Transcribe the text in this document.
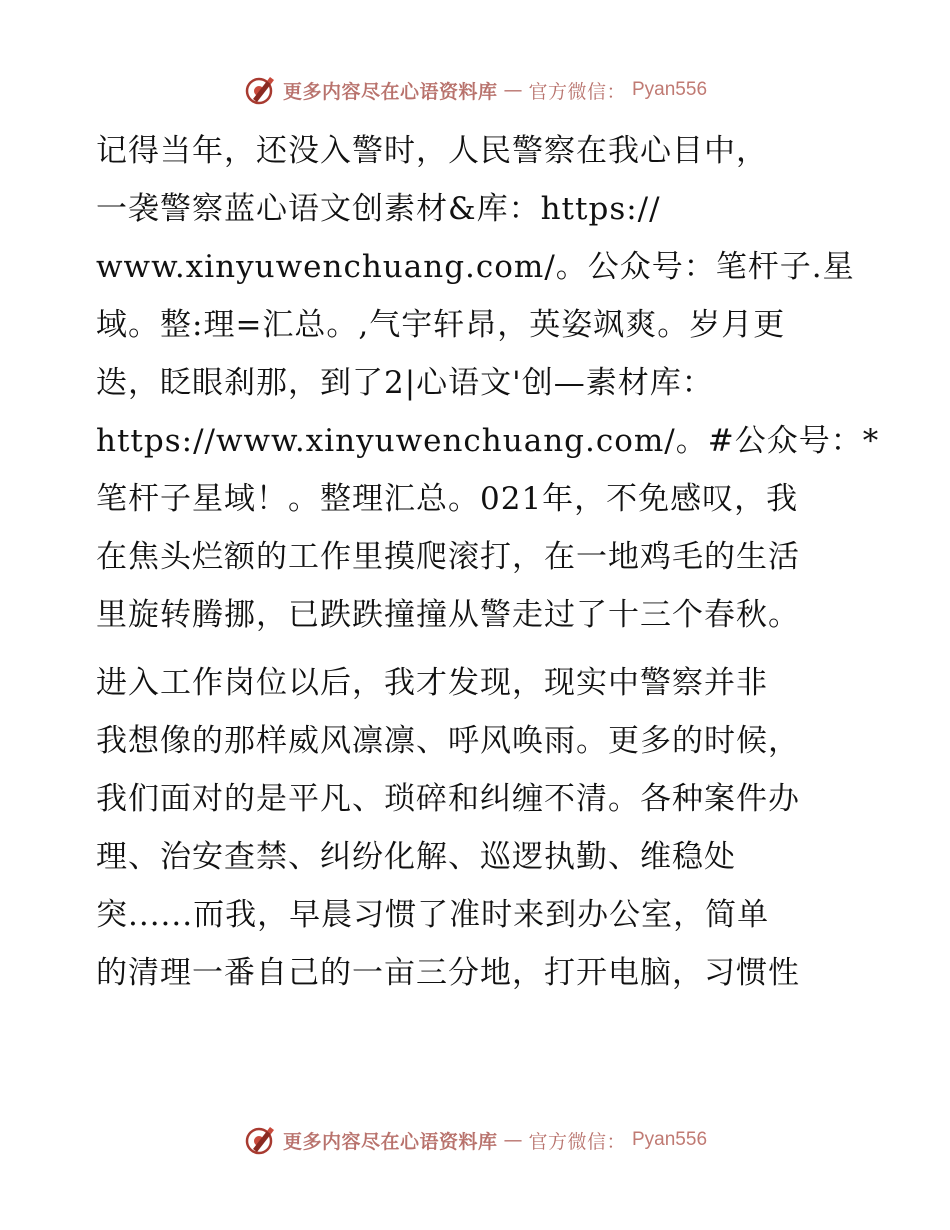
更多内容尽在心语资料库 — 官方微信： Pyan556
记得当年，还没入警时，人民警察在我心目中，
一袭警察蓝心语文创素材&库：https://
www.xinyuwenchuang.com/。公众号：笔杆子.星
域。整:理=汇总。,气宇轩昂，英姿飒爽。岁月更
迭，眨眼刹那，到了2|心语文'创—素材库：
https://www.xinyuwenchuang.com/。#公众号：*
笔杆子星域！。整理汇总。021年，不免感叹，我
在焦头烂额的工作里摸爬滚打，在一地鸡毛的生活
里旋转腾挪，已跌跌撞撞从警走过了十三个春秋。
进入工作岗位以后，我才发现，现实中警察并非
我想像的那样威风凛凛、呼风唤雨。更多的时候，
我们面对的是平凡、琐碎和纠缠不清。各种案件办
理、治安查禁、纠纷化解、巡逻执勤、维稳处
突......而我，早晨习惯了准时来到办公室，简单
的清理一番自己的一亩三分地，打开电脑，习惯性
更多内容尽在心语资料库 — 官方微信： Pyan556
